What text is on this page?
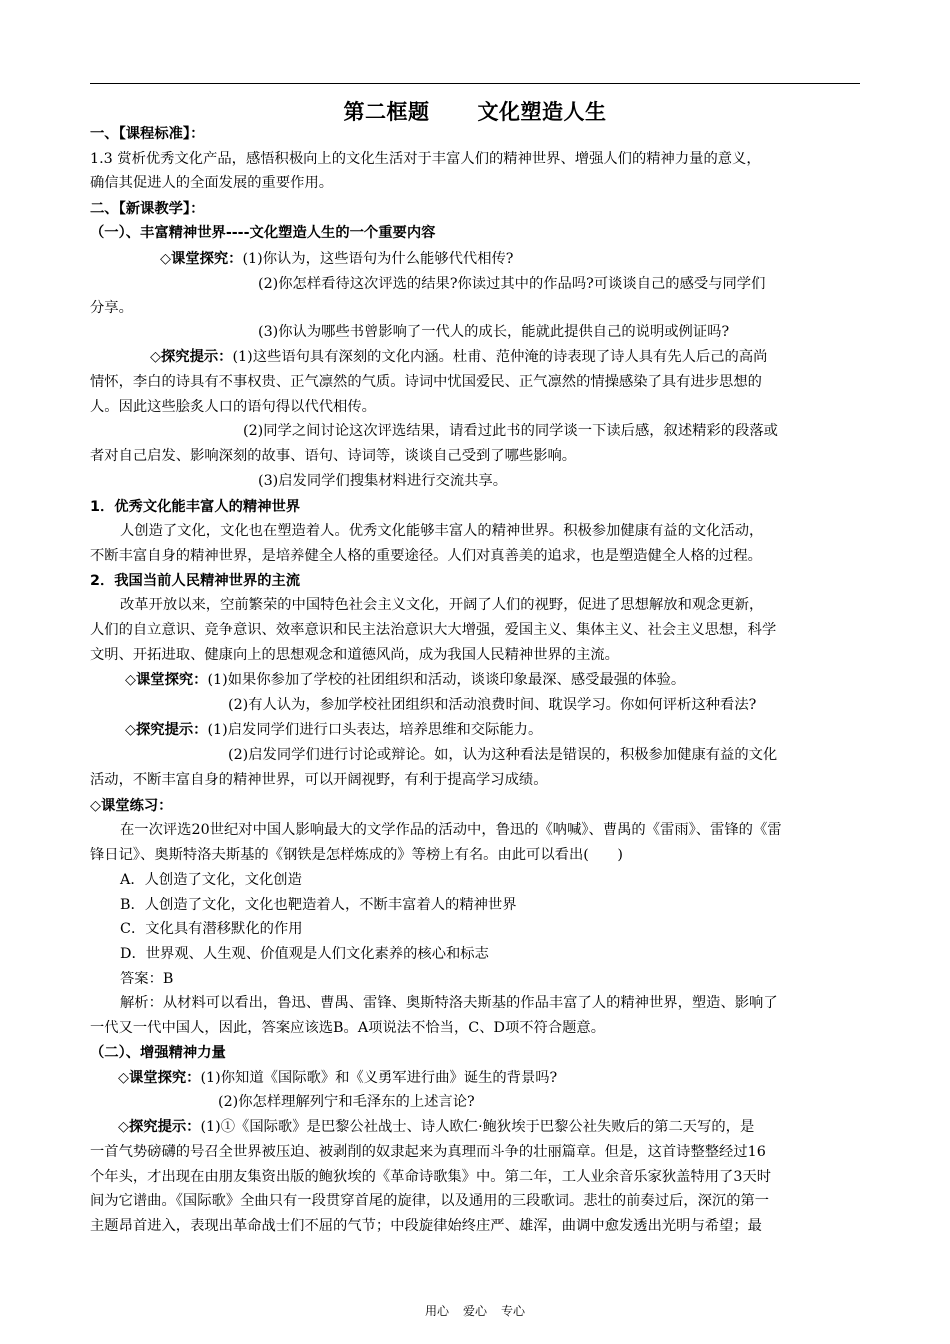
第二框题 文化塑造人生
一、【课程标准】：
1.3 赏析优秀文化产品，感悟积极向上的文化生活对于丰富人们的精神世界、增强人们的精神力量的意义，
确信其促进人的全面发展的重要作用。
二、【新课教学】：
（一）、丰富精神世界----文化塑造人生的一个重要内容
◇课堂探究：(1)你认为，这些语句为什么能够代代相传?
(2)你怎样看待这次评选的结果?你读过其中的作品吗?可谈谈自己的感受与同学们
分享。
(3)你认为哪些书曾影响了一代人的成长，能就此提供自己的说明或例证吗?
◇探究提示：(1)这些语句具有深刻的文化内涵。杜甫、范仲淹的诗表现了诗人具有先人后己的高尚
情怀，李白的诗具有不事权贵、正气凛然的气质。诗词中忧国爱民、正气凛然的情操感染了具有进步思想的
人。因此这些脍炙人口的语句得以代代相传。
(2)同学之间讨论这次评选结果，请看过此书的同学谈一下读后感，叙述精彩的段落或
者对自己启发、影响深刻的故事、语句、诗词等，谈谈自己受到了哪些影响。
(3)启发同学们搜集材料进行交流共享。
1．优秀文化能丰富人的精神世界
人创造了文化，文化也在塑造着人。优秀文化能够丰富人的精神世界。积极参加健康有益的文化活动，
不断丰富自身的精神世界，是培养健全人格的重要途径。人们对真善美的追求，也是塑造健全人格的过程。
2．我国当前人民精神世界的主流
改革开放以来，空前繁荣的中国特色社会主义文化，开阔了人们的视野，促进了思想解放和观念更新，
人们的自立意识、竞争意识、效率意识和民主法治意识大大增强，爱国主义、集体主义、社会主义思想，科学
文明、开拓进取、健康向上的思想观念和道德风尚，成为我国人民精神世界的主流。
◇课堂探究：(1)如果你参加了学校的社团组织和活动，谈谈印象最深、感受最强的体验。
(2)有人认为，参加学校社团组织和活动浪费时间、耽误学习。你如何评析这种看法?
◇探究提示：(1)启发同学们进行口头表达，培养思维和交际能力。
(2)启发同学们进行讨论或辩论。如，认为这种看法是错误的，积极参加健康有益的文化
活动，不断丰富自身的精神世界，可以开阔视野，有利于提高学习成绩。
◇课堂练习：
在一次评选20世纪对中国人影响最大的文学作品的活动中，鲁迅的《呐喊》、曹禺的《雷雨》、雷锋的《雷
锋日记》、奥斯特洛夫斯基的《钢铁是怎样炼成的》等榜上有名。由此可以看出(　　)
A．人创造了文化，文化创造
B．人创造了文化，文化也靶造着人，不断丰富着人的精神世界
C．文化具有潜移默化的作用
D．世界观、人生观、价值观是人们文化素养的核心和标志
答案：B
解析：从材料可以看出，鲁迅、曹禺、雷锋、奥斯特洛夫斯基的作品丰富了人的精神世界，塑造、影响了
一代又一代中国人，因此，答案应该选B。A项说法不恰当，C、D项不符合题意。
（二）、增强精神力量
◇课堂探究：(1)你知道《国际歌》和《义勇军进行曲》诞生的背景吗?
(2)你怎样理解列宁和毛泽东的上述言论?
◇探究提示：(1)①《国际歌》是巴黎公社战士、诗人欧仁·鲍狄埃于巴黎公社失败后的第二天写的，是
一首气势磅礴的号召全世界被压迫、被剥削的奴隶起来为真理而斗争的壮丽篇章。但是，这首诗整整经过16
个年头，才出现在由朋友集资出版的鲍狄埃的《革命诗歌集》中。第二年，工人业余音乐家狄盖特用了3天时
间为它谱曲。《国际歌》全曲只有一段贯穿首尾的旋律，以及通用的三段歌词。悲壮的前奏过后，深沉的第一
主题昂首进入，表现出革命战士们不屈的气节；中段旋律始终庄严、雄浑，曲调中愈发透出光明与希望；最
用心 爱心 专心
